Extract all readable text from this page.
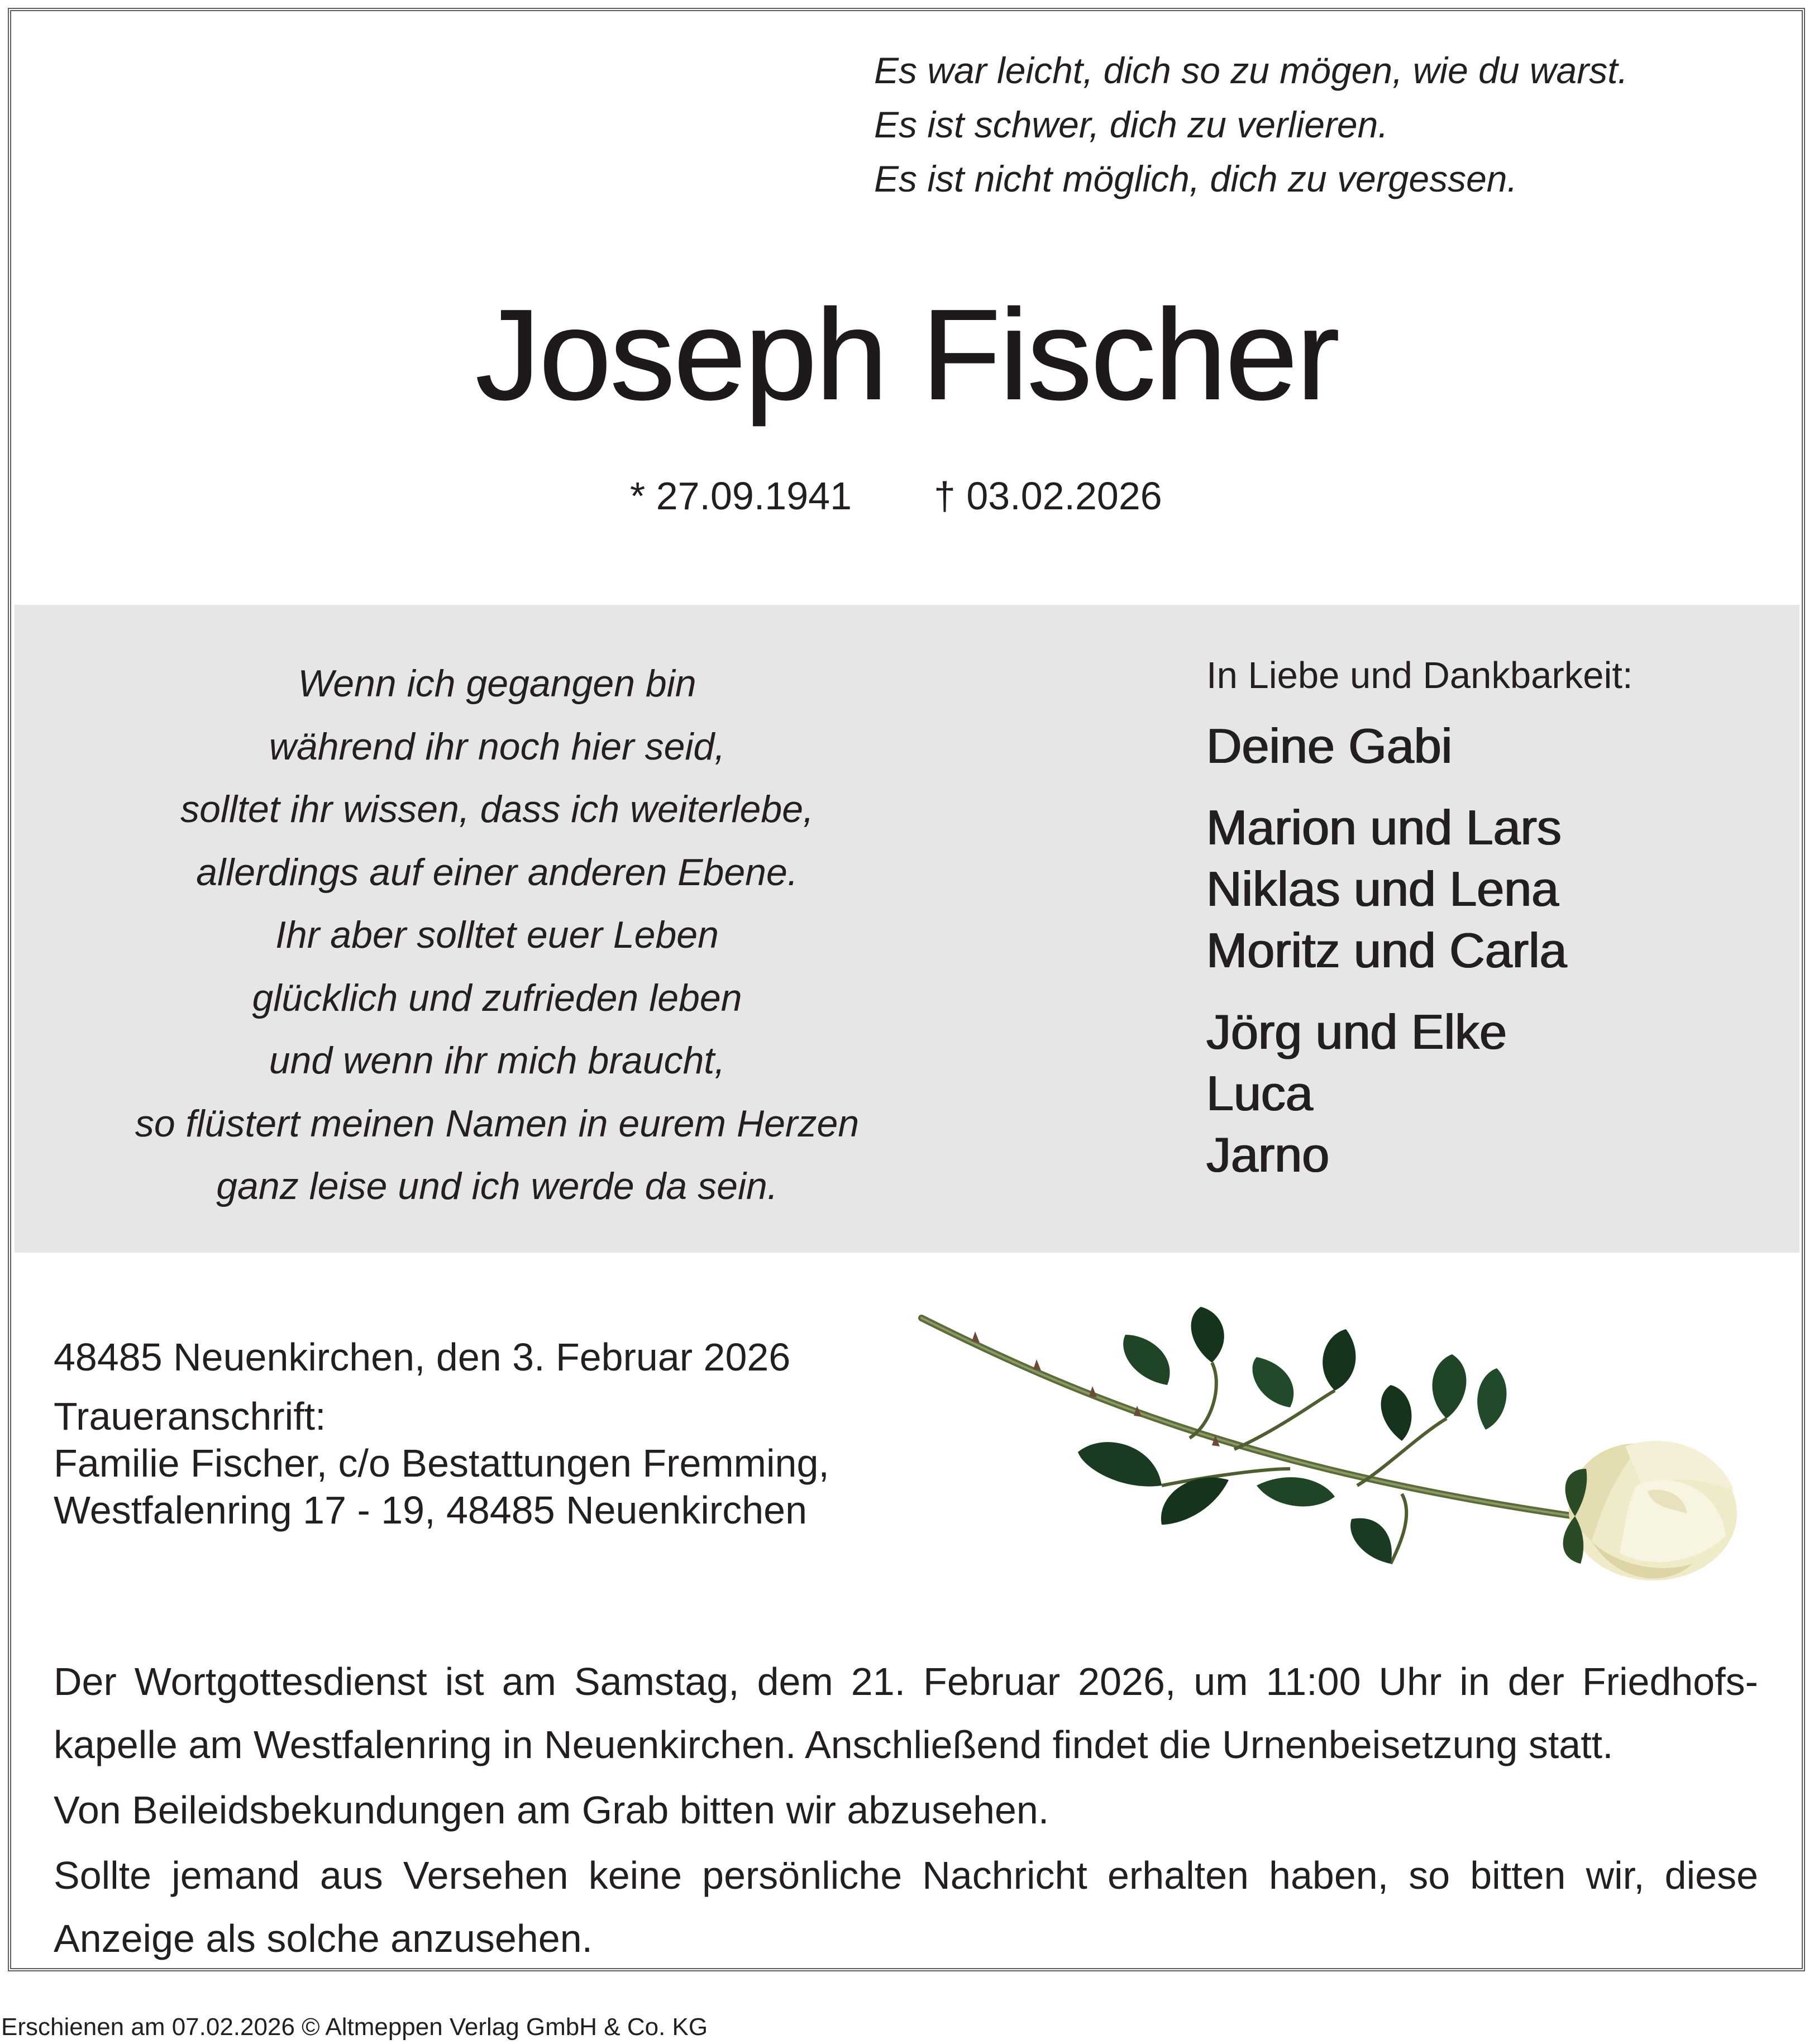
Es war leicht, dich so zu mögen, wie du warst.
Es ist schwer, dich zu verlieren.
Es ist nicht möglich, dich zu vergessen.
Joseph Fischer
* 27.09.1941 † 03.02.2026
Wenn ich gegangen bin
während ihr noch hier seid,
solltet ihr wissen, dass ich weiterlebe,
allerdings auf einer anderen Ebene.
Ihr aber solltet euer Leben
glücklich und zufrieden leben
und wenn ihr mich braucht,
so flüstert meinen Namen in eurem Herzen
ganz leise und ich werde da sein.
In Liebe und Dankbarkeit:
Deine Gabi
Marion und Lars
Niklas und Lena
Moritz und Carla
Jörg und Elke
Luca
Jarno
48485 Neuenkirchen, den 3. Februar 2026
Traueranschrift:
Familie Fischer, c/o Bestattungen Fremming,
Westfalenring 17 - 19, 48485 Neuenkirchen

Der Wortgottesdienst ist am Samstag, dem 21. Februar 2026, um 11:00 Uhr in der Friedhofs-kapelle am Westfalenring in Neuenkirchen. Anschließend findet die Urnenbeisetzung statt.

Von Beileidsbekundungen am Grab bitten wir abzusehen.

Sollte jemand aus Versehen keine persönliche Nachricht erhalten haben, so bitten wir, diese Anzeige als solche anzusehen.

Erschienen am 07.02.2026 © Altmeppen Verlag GmbH & Co. KG
